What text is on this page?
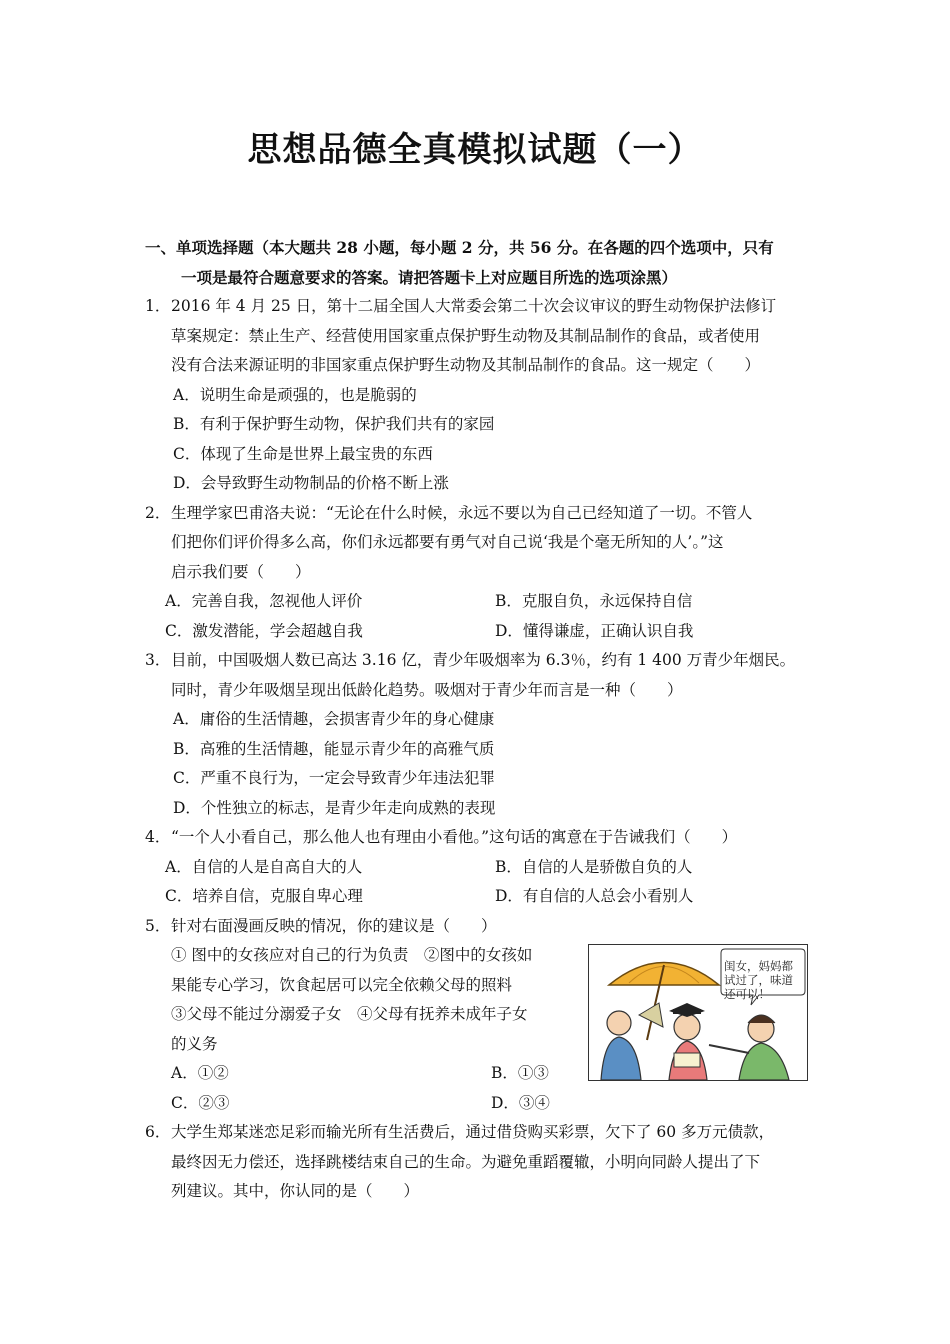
思想品德全真模拟试题（一）
一、单项选择题（本大题共 28 小题，每小题 2 分，共 56 分。在各题的四个选项中，只有
一项是最符合题意要求的答案。请把答题卡上对应题目所选的选项涂黑）
1．2016 年 4 月 25 日，第十二届全国人大常委会第二十次会议审议的野生动物保护法修订
草案规定：禁止生产、经营使用国家重点保护野生动物及其制品制作的食品，或者使用
没有合法来源证明的非国家重点保护野生动物及其制品制作的食品。这一规定（　　）
A．说明生命是顽强的，也是脆弱的
B．有利于保护野生动物，保护我们共有的家园
C．体现了生命是世界上最宝贵的东西
D．会导致野生动物制品的价格不断上涨
2．生理学家巴甫洛夫说：“无论在什么时候，永远不要以为自己已经知道了一切。不管人
们把你们评价得多么高，你们永远都要有勇气对自己说‘我是个毫无所知的人’。”这
启示我们要（　　）
A．完善自我，忽视他人评价	B．克服自负，永远保持自信
C．激发潜能，学会超越自我	D．懂得谦虚，正确认识自我
3．目前，中国吸烟人数已高达 3.16 亿，青少年吸烟率为 6.3％，约有 1 400 万青少年烟民。
同时，青少年吸烟呈现出低龄化趋势。吸烟对于青少年而言是一种（　　）
A．庸俗的生活情趣，会损害青少年的身心健康
B．高雅的生活情趣，能显示青少年的高雅气质
C．严重不良行为，一定会导致青少年违法犯罪
D．个性独立的标志，是青少年走向成熟的表现
4．“一个人小看自己，那么他人也有理由小看他。”这句话的寓意在于告诫我们（　　）
A．自信的人是自高自大的人	B．自信的人是骄傲自负的人
C．培养自信，克服自卑心理	D．有自信的人总会小看别人
5．针对右面漫画反映的情况，你的建议是（　　）
① 图中的女孩应对自己的行为负责　②图中的女孩如
果能专心学习，饮食起居可以完全依赖父母的照料
③父母不能过分溺爱子女　④父母有抚养未成年子女
的义务
A．①②	B．①③
C．②③	D．③④
闺女，妈妈都试过了，味道还可以！
6．大学生郑某迷恋足彩而输光所有生活费后，通过借贷购买彩票，欠下了 60 多万元债款，
最终因无力偿还，选择跳楼结束自己的生命。为避免重蹈覆辙，小明向同龄人提出了下
列建议。其中，你认同的是（　　）
